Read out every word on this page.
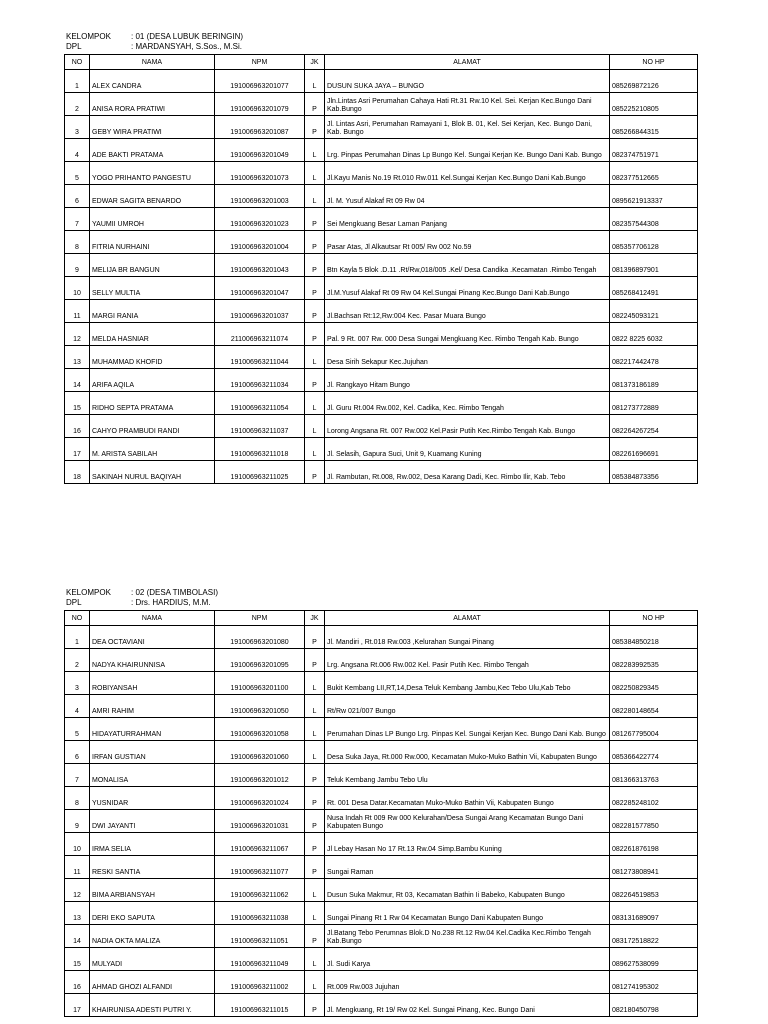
KELOMPOK	: 01 (DESA LUBUK BERINGIN)
DPL	: MARDANSYAH, S.Sos., M.Si.
NO	NAMA	NPM	JK	ALAMAT	NO HP
1	ALEX CANDRA	191006963201077	L	DUSUN SUKA JAYA – BUNGO	085269872126
2	ANISA RORA PRATIWI	191006963201079	P	Jln.Lintas Asri Perumahan Cahaya Hati Rt.31 Rw.10 Kel. Sei. Kerjan Kec.Bungo Dani Kab.Bungo	085225210805
3	GEBY WIRA PRATIWI	191006963201087	P	Jl. Lintas Asri, Perumahan Ramayani 1, Blok B. 01, Kel. Sei Kerjan, Kec. Bungo Dani, Kab. Bungo	085266844315
4	ADE BAKTI PRATAMA	191006963201049	L	Lrg. Pinpas Perumahan Dinas Lp Bungo Kel. Sungai Kerjan Ke. Bungo Dani Kab. Bungo	082374751971
5	YOGO PRIHANTO PANGESTU	191006963201073	L	Jl.Kayu Manis No.19 Rt.010 Rw.011 Kel.Sungai Kerjan Kec.Bungo Dani Kab.Bungo	082377512665
6	EDWAR SAGITA BENARDO	191006963201003	L	Jl. M. Yusuf Alakaf Rt 09 Rw 04	0895621913337
7	YAUMII UMROH	191006963201023	P	Sei Mengkuang Besar Laman Panjang	082357544308
8	FITRIA NURHAINI	191006963201004	P	Pasar Atas, Jl Alkautsar Rt 005/ Rw 002 No.59	085357706128
9	MELIJA BR BANGUN	191006963201043	P	Btn Kayla 5 Blok .D.11 .Rt/Rw,018/005 .Kel/ Desa Candika .Kecamatan .Rimbo Tengah	081396897901
10	SELLY MULTIA	191006963201047	P	Jl.M.Yusuf Alakaf Rt 09 Rw 04 Kel.Sungai Pinang Kec.Bungo Dani Kab.Bungo	085268412491
11	MARGI RANIA	191006963201037	P	Jl.Bachsan Rt:12,Rw:004 Kec. Pasar Muara Bungo	082245093121
12	MELDA HASNIAR	211006963211074	P	Pal. 9 Rt. 007 Rw. 000 Desa Sungai Mengkuang Kec. Rimbo Tengah Kab. Bungo	0822 8225 6032
13	MUHAMMAD KHOFID	191006963211044	L	Desa Sirih Sekapur Kec.Jujuhan	082217442478
14	ARIFA AQILA	191006963211034	P	Jl. Rangkayo Hitam Bungo	081373186189
15	RIDHO SEPTA PRATAMA	191006963211054	L	Jl. Guru Rt.004 Rw.002, Kel. Cadika, Kec. Rimbo Tengah	081273772889
16	CAHYO PRAMBUDI RANDI	191006963211037	L	Lorong Angsana Rt. 007 Rw.002 Kel.Pasir Putih Kec.Rimbo Tengah Kab. Bungo	082264267254
17	M. ARISTA SABILAH	191006963211018	L	Jl. Selasih, Gapura Suci, Unit 9, Kuamang Kuning	082261696691
18	SAKINAH NURUL BAQIYAH	191006963211025	P	Jl. Rambutan, Rt.008, Rw.002, Desa Karang Dadi, Kec. Rimbo Ilir, Kab. Tebo	085384873356
KELOMPOK	: 02 (DESA TIMBOLASI)
DPL	: Drs. HARDIUS, M.M.
NO	NAMA	NPM	JK	ALAMAT	NO HP
1	DEA OCTAVIANI	191006963201080	P	Jl. Mandiri , Rt.018 Rw.003 ,Kelurahan Sungai Pinang	085384850218
2	NADYA KHAIRUNNISA	191006963201095	P	Lrg. Angsana Rt.006 Rw.002 Kel. Pasir Putih Kec. Rimbo Tengah	082283992535
3	ROBIYANSAH	191006963201100	L	Bukit Kembang LII,RT,14,Desa Teluk Kembang Jambu,Kec Tebo Ulu,Kab Tebo	082250829345
4	AMRI RAHIM	191006963201050	L	Rt/Rw 021/007 Bungo	082280148654
5	HIDAYATURRAHMAN	191006963201058	L	Perumahan Dinas LP Bungo Lrg. Pinpas Kel. Sungai Kerjan Kec. Bungo Dani Kab. Bungo	081267795004
6	IRFAN GUSTIAN	191006963201060	L	Desa Suka Jaya, Rt.000 Rw.000, Kecamatan Muko-Muko Bathin Vii, Kabupaten Bungo	085366422774
7	MONALISA	191006963201012	P	Teluk Kembang Jambu Tebo Ulu	081366313763
8	YUSNIDAR	191006963201024	P	Rt. 001 Desa Datar.Kecamatan Muko-Muko Bathin Vii, Kabupaten Bungo	082285248102
9	DWI JAYANTI	191006963201031	P	Nusa Indah Rt 009 Rw 000 Kelurahan/Desa Sungai Arang Kecamatan Bungo Dani Kabupaten Bungo	082281577850
10	IRMA SELIA	191006963211067	P	Jl Lebay Hasan No 17 Rt.13 Rw.04 Simp.Bambu Kuning	082261876198
11	RESKI SANTIA	191006963211077	P	Sungai Raman	081273808941
12	BIMA ARBIANSYAH	191006963211062	L	Dusun Suka Makmur, Rt 03, Kecamatan Bathin Ii Babeko, Kabupaten Bungo	082264519853
13	DERI EKO SAPUTA	191006963211038	L	Sungai Pinang Rt 1 Rw 04 Kecamatan Bungo Dani Kabupaten Bungo	083131689097
14	NADIA OKTA MALIZA	191006963211051	P	Jl.Batang Tebo Perumnas Blok.D No.238 Rt.12 Rw.04 Kel.Cadika Kec.Rimbo Tengah Kab.Bungo	083172518822
15	MULYADI	191006963211049	L	Jl. Sudi Karya	089627538099
16	AHMAD GHOZI ALFANDI	191006963211002	L	Rt.009 Rw.003 Jujuhan	081274195302
17	KHAIRUNISA ADESTI PUTRI Y.	191006963211015	P	Jl. Mengkuang, Rt 19/ Rw 02 Kel. Sungai Pinang, Kec. Bungo Dani	082180450798
